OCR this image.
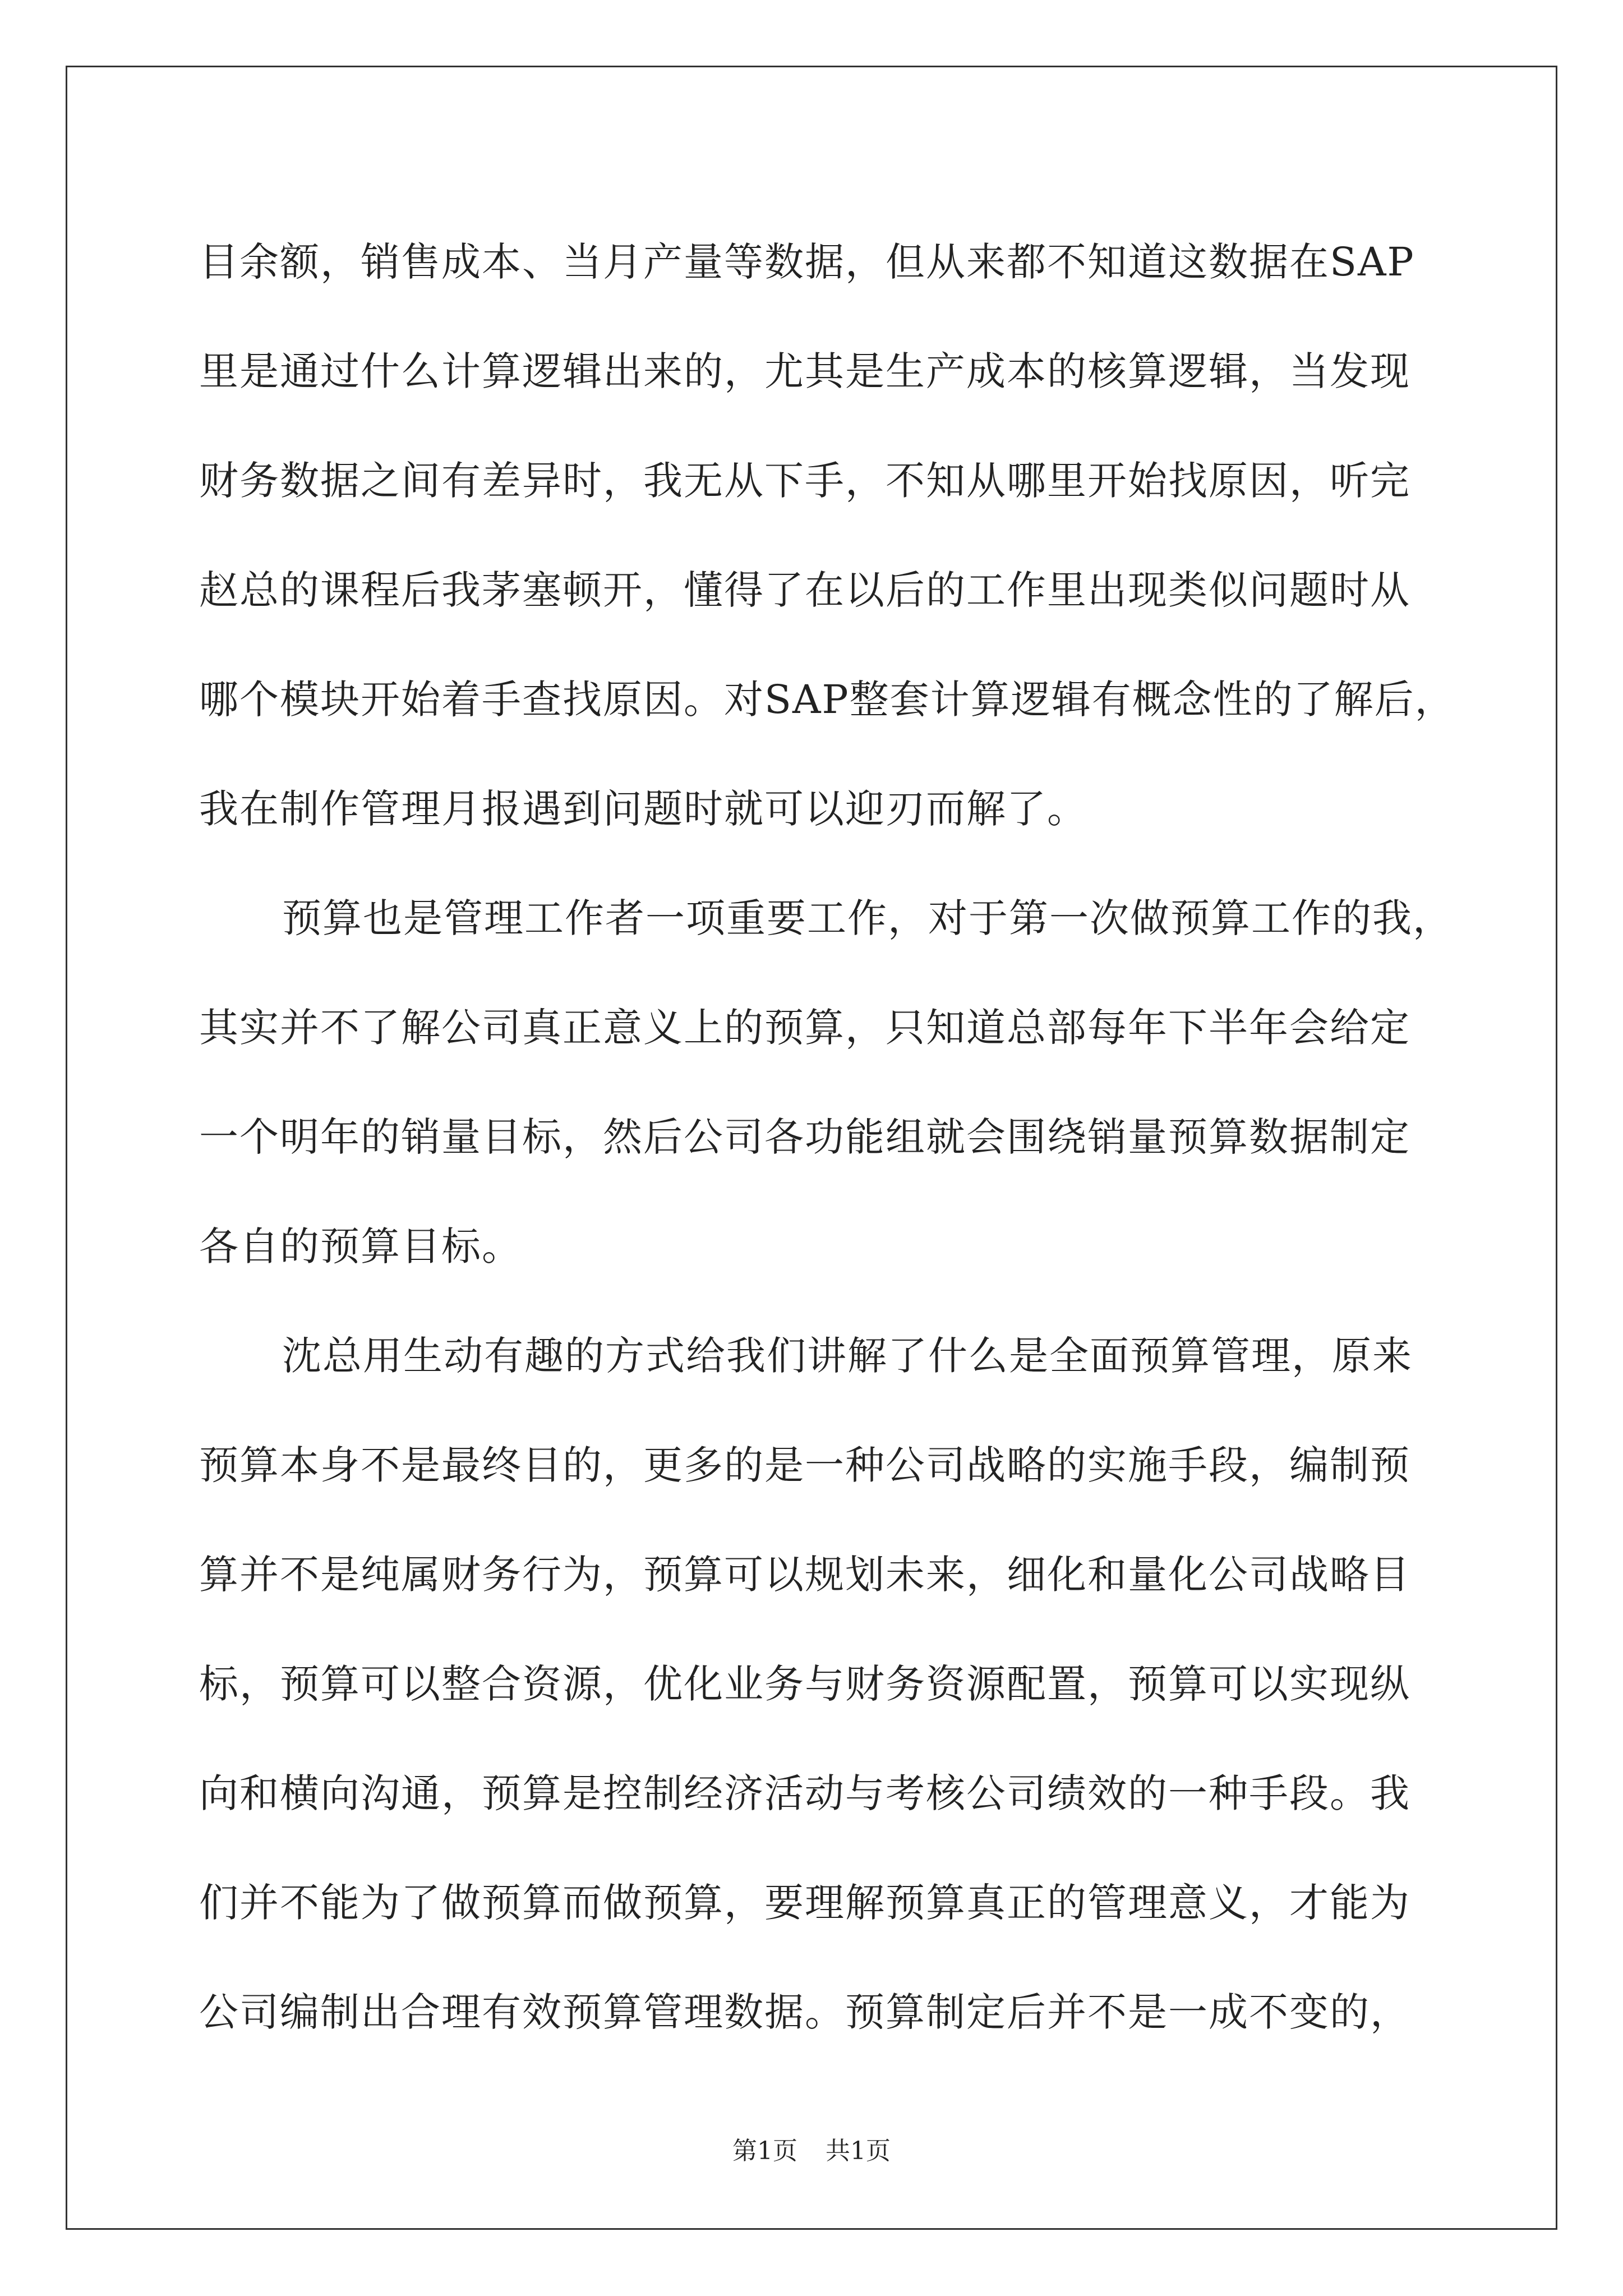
目余额，销售成本、当月产量等数据，但从来都不知道这数据在SAP
里是通过什么计算逻辑出来的，尤其是生产成本的核算逻辑，当发现
财务数据之间有差异时，我无从下手，不知从哪里开始找原因，听完
赵总的课程后我茅塞顿开，懂得了在以后的工作里出现类似问题时从
哪个模块开始着手查找原因。对SAP整套计算逻辑有概念性的了解后，
我在制作管理月报遇到问题时就可以迎刃而解了。
预算也是管理工作者一项重要工作，对于第一次做预算工作的我，
其实并不了解公司真正意义上的预算，只知道总部每年下半年会给定
一个明年的销量目标，然后公司各功能组就会围绕销量预算数据制定
各自的预算目标。
沈总用生动有趣的方式给我们讲解了什么是全面预算管理，原来
预算本身不是最终目的，更多的是一种公司战略的实施手段，编制预
算并不是纯属财务行为，预算可以规划未来，细化和量化公司战略目
标，预算可以整合资源，优化业务与财务资源配置，预算可以实现纵
向和横向沟通，预算是控制经济活动与考核公司绩效的一种手段。我
们并不能为了做预算而做预算，要理解预算真正的管理意义，才能为
公司编制出合理有效预算管理数据。预算制定后并不是一成不变的，
第1页 共1页
